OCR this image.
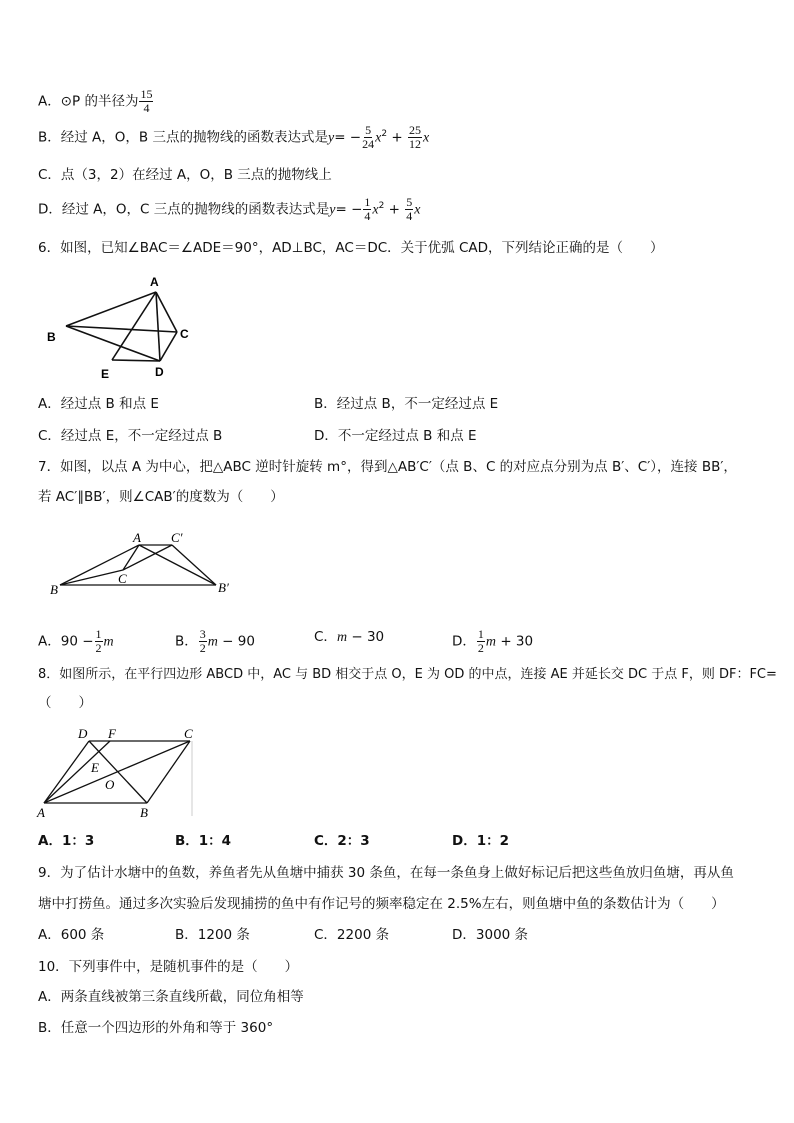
A．⊙P 的半径为 $\frac{15}{4}$
B．经过 A，O，B 三点的抛物线的函数表达式是$y= - \frac{5}{24} x^2 + \frac{25}{12}$ x
C．点（3，2）在经过 A，O，B 三点的抛物线上
D．经过 A，O，C 三点的抛物线的函数表达式是$y= - \frac{1}{4} x^2 + \frac{5}{4}$ x
6．如图，已知∠BAC＝∠ADE＝90°，AD⊥BC，AC＝DC．关于优弧 CAD，下列结论正确的是（　　）
A
B	C
E	D
A．经过点 B 和点 E	B．经过点 B，不一定经过点 E
C．经过点 E，不一定经过点 B	D．不一定经过点 B 和点 E
7．如图，以点 A 为中心，把△ABC 逆时针旋转 m°，得到△AB′C′（点 B、C 的对应点分别为点 B′、C′），连接 BB′，
若 AC′∥BB′，则∠CAB′的度数为（　　）
A C′
B
C
B′
A．$90 - \frac{1}{2}$ m	B． $\frac{3}{2}$ m − 90	C．m − 30	D． $\frac{1}{2}$ m + 30
8．如图所示，在平行四边形 ABCD 中，AC 与 BD 相交于点 O，E 为 OD 的中点，连接 AE 并延长交 DC 于点 F，则 DF：FC=
（　　）
D F	C
E
O
A	B
A．1：3	B．1：4	C．2：3	D．1：2
9．为了估计水塘中的鱼数，养鱼者先从鱼塘中捕获 30 条鱼，在每一条鱼身上做好标记后把这些鱼放归鱼塘，再从鱼
塘中打捞鱼。通过多次实验后发现捕捞的鱼中有作记号的频率稳定在 2.5%左右，则鱼塘中鱼的条数估计为（　　）
A．600 条	B．1200 条	C．2200 条	D．3000 条
10．下列事件中，是随机事件的是（　　）
A．两条直线被第三条直线所截，同位角相等
B．任意一个四边形的外角和等于 360°
